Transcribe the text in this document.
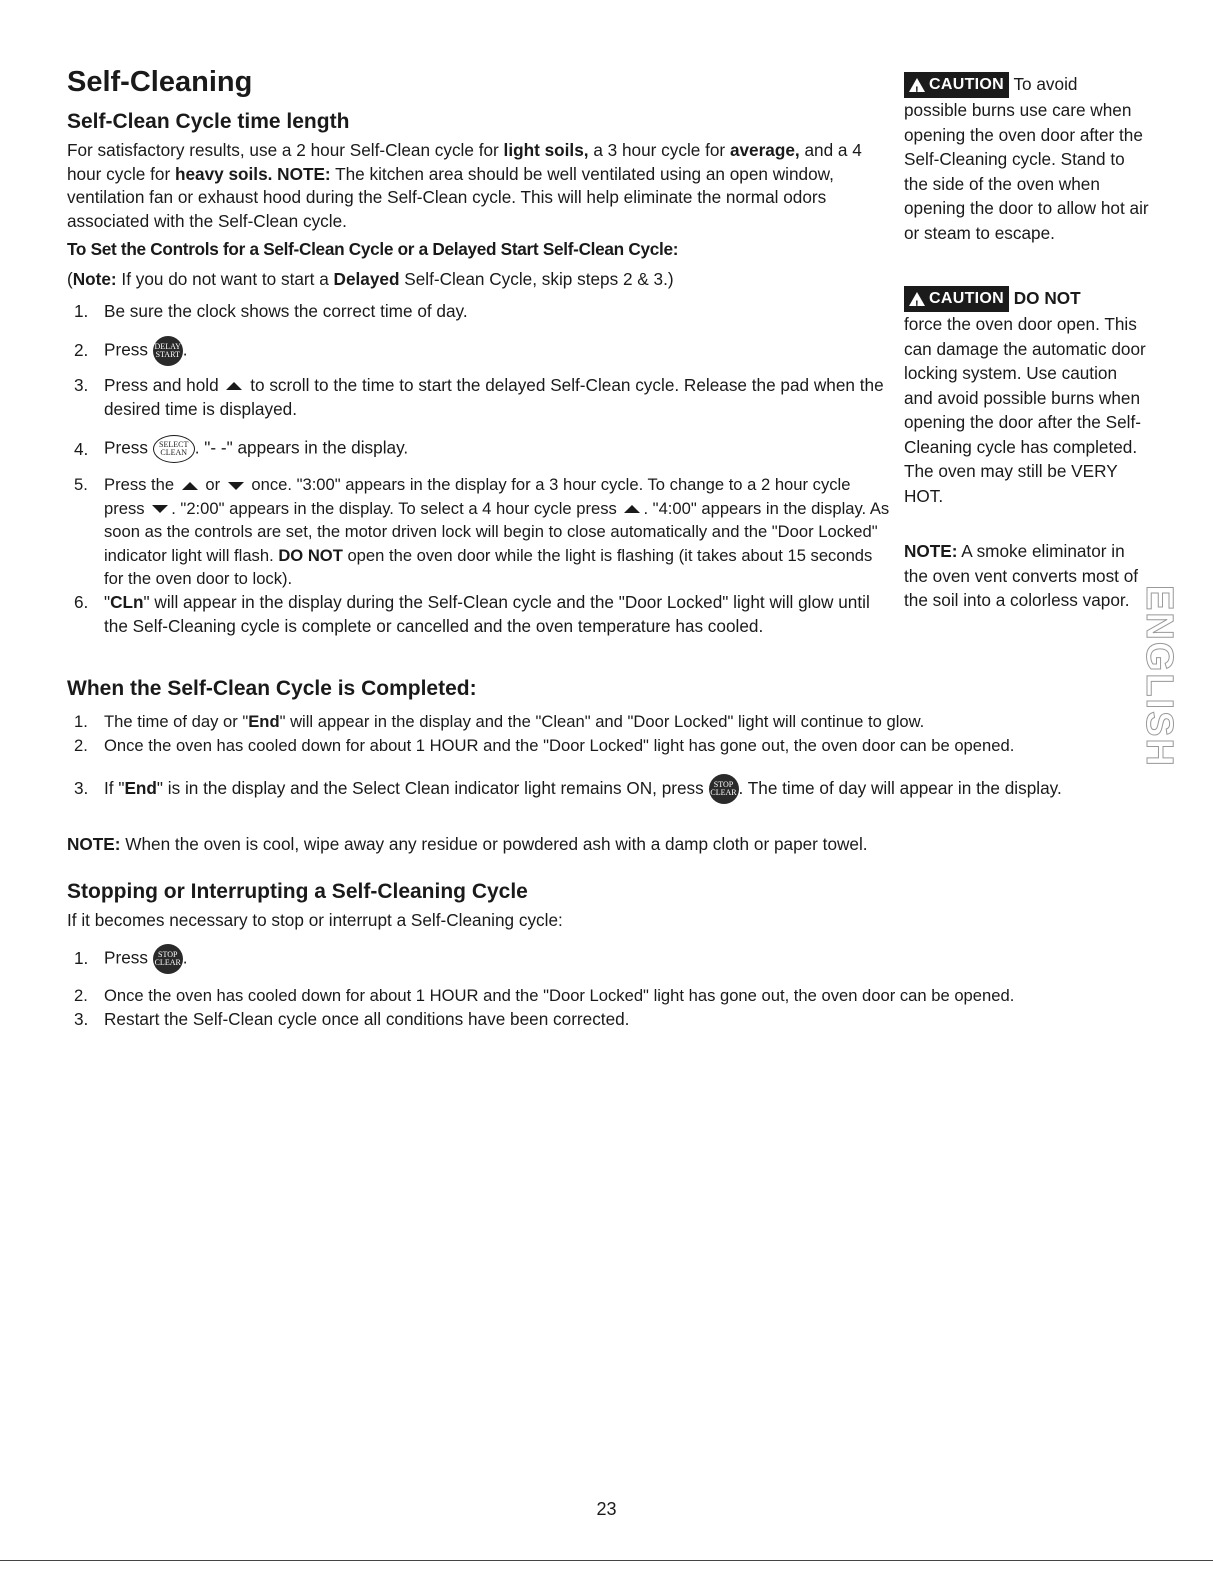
Self-Cleaning
Self-Clean Cycle time length
For satisfactory results, use a 2 hour Self-Clean cycle for light soils, a 3 hour cycle for average, and a 4 hour cycle for heavy soils. NOTE: The kitchen area should be well ventilated using an open window, ventilation fan or exhaust hood during the Self-Clean cycle. This will help eliminate the normal odors associated with the Self-Clean cycle.
To Set the Controls for a Self-Clean Cycle or a Delayed Start Self-Clean Cycle:
(Note: If you do not want to start a Delayed Self-Clean Cycle, skip steps 2 & 3.)
1. Be sure the clock shows the correct time of day.
2. Press DELAY
START .
3. Press and hold to scroll to the time to start the delayed Self-Clean cycle. Release the pad when the desired time is displayed.
4. Press SELECT
CLEAN . "- -" appears in the display.
5. Press the or once. "3:00" appears in the display for a 3 hour cycle. To change to a 2 hour cycle press . "2:00" appears in the display. To select a 4 hour cycle press . "4:00" appears in the display. As soon as the controls are set, the motor driven lock will begin to close automatically and the "Door Locked" indicator light will flash. DO NOT open the oven door while the light is flashing (it takes about 15 seconds for the oven door to lock).
6. "CLn" will appear in the display during the Self-Clean cycle and the "Door Locked" light will glow until the Self-Cleaning cycle is complete or cancelled and the oven temperature has cooled.
When the Self-Clean Cycle is Completed:
1. The time of day or "End" will appear in the display and the "Clean" and "Door Locked" light will continue to glow.
2. Once the oven has cooled down for about 1 HOUR and the "Door Locked" light has gone out, the oven door can be opened.
3. If "End" is in the display and the Select Clean indicator light remains ON, press	STOP
CLEAR . The time of day will appear in the display.
NOTE: When the oven is cool, wipe away any residue or powdered ash with a damp cloth or paper towel.
Stopping or Interrupting a Self-Cleaning Cycle
If it becomes necessary to stop or interrupt a Self-Cleaning cycle:
1. Press	STOP
CLEAR .
2. Once the oven has cooled down for about 1 HOUR and the "Door Locked" light has gone out, the oven door can be opened.
3. Restart the Self-Clean cycle once all conditions have been corrected.
!
CAUTION To avoid
possible burns use care when opening the oven door after the Self-Cleaning cycle. Stand to the side of the oven when opening the door to allow hot air or steam to escape.
!
CAUTION DO NOT
force the oven door open. This can damage the automatic door locking system. Use caution and avoid possible burns when opening the door after the Self-Cleaning cycle has completed. The oven may still be VERY HOT.
NOTE: A smoke eliminator in the oven vent converts most of the soil into a colorless vapor. ENGLISH
23
